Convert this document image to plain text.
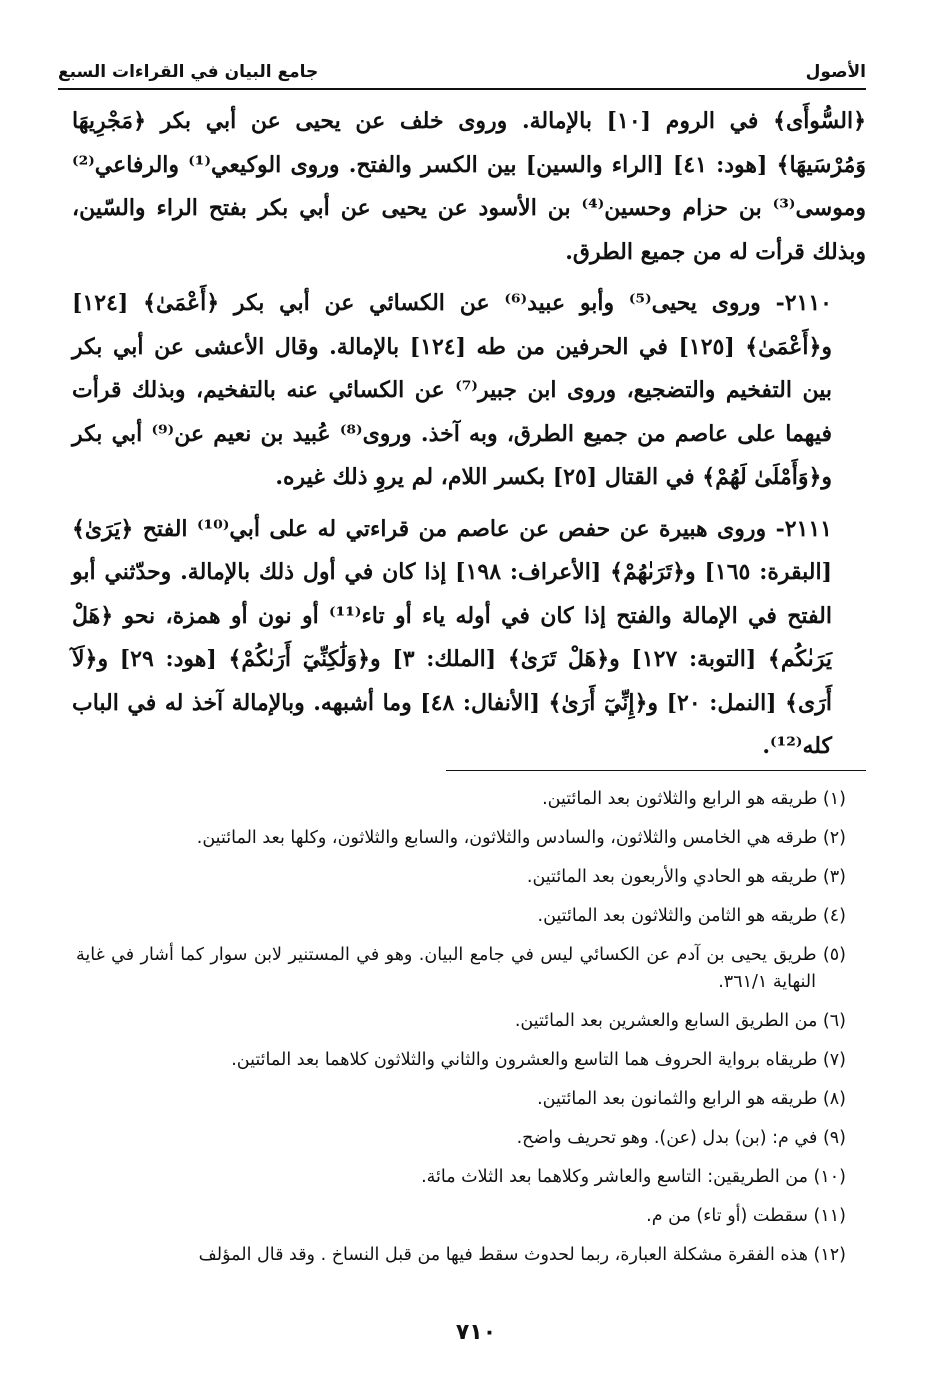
الأصول
جامع البيان في القراءات السبع

﴿السُّوأَى﴾ في الروم [١٠] بالإمالة. وروى خلف عن يحيى عن أبي بكر ﴿مَجْرِيهَا وَمُرْسَيهَا﴾ [هود: ٤١] [الراء والسين] بين الكسر والفتح. وروى الوكيعي⁽¹⁾ والرفاعي⁽²⁾ وموسى⁽³⁾ بن حزام وحسين⁽⁴⁾ بن الأسود عن يحيى عن أبي بكر بفتح الراء والسّين، وبذلك قرأت له من جميع الطرق.

٢١١٠- وروى يحيى⁽⁵⁾ وأبو عبيد⁽⁶⁾ عن الكسائي عن أبي بكر ﴿أَعْمَىٰ﴾ [١٢٤] و﴿أَعْمَىٰ﴾ [١٢٥] في الحرفين من طه [١٢٤] بالإمالة. وقال الأعشى عن أبي بكر بين التفخيم والتضجيع، وروى ابن جبير⁽⁷⁾ عن الكسائي عنه بالتفخيم، وبذلك قرأت فيهما على عاصم من جميع الطرق، وبه آخذ. وروى⁽⁸⁾ عُبيد بن نعيم عن⁽⁹⁾ أبي بكر و﴿وَأَمْلَىٰ لَهُمْ﴾ في القتال [٢٥] بكسر اللام، لم يروِ ذلك غيره.

٢١١١- وروى هبيرة عن حفص عن عاصم من قراءتي له على أبي⁽¹⁰⁾ الفتح ﴿يَرَىٰ﴾ [البقرة: ١٦٥] و﴿تَرَىٰهُمْ﴾ [الأعراف: ١٩٨] إذا كان في أول ذلك بالإمالة. وحدّثني أبو الفتح في الإمالة والفتح إذا كان في أوله ياء أو تاء⁽¹¹⁾ أو نون أو همزة، نحو ﴿هَلْ يَرَىٰكُم﴾ [التوبة: ١٢٧] و﴿هَلْ تَرَىٰ﴾ [الملك: ٣] و﴿وَلَٰكِنِّيٓ أَرَىٰكُمْ﴾ [هود: ٢٩] و﴿لَآ أَرَى﴾ [النمل: ٢٠] و﴿إِنِّيٓ أَرَىٰ﴾ [الأنفال: ٤٨] وما أشبهه. وبالإمالة آخذ له في الباب كله⁽¹²⁾.

(١) طريقه هو الرابع والثلاثون بعد المائتين.

(٢) طرقه هي الخامس والثلاثون، والسادس والثلاثون، والسابع والثلاثون، وكلها بعد المائتين.

(٣) طريقه هو الحادي والأربعون بعد المائتين.

(٤) طريقه هو الثامن والثلاثون بعد المائتين.

(٥) طريق يحيى بن آدم عن الكسائي ليس في جامع البيان. وهو في المستنير لابن سوار كما أشار في غاية النهاية ٣٦١/١.

(٦) من الطريق السابع والعشرين بعد المائتين.

(٧) طريقاه برواية الحروف هما التاسع والعشرون والثاني والثلاثون كلاهما بعد المائتين.

(٨) طريقه هو الرابع والثمانون بعد المائتين.

(٩) في م: (بن) بدل (عن). وهو تحريف واضح.

(١٠) من الطريقين: التاسع والعاشر وكلاهما بعد الثلاث مائة.

(١١) سقطت (أو تاء) من م.

(١٢) هذه الفقرة مشكلة العبارة، ربما لحدوث سقط فيها من قبل النساخ . وقد قال المؤلف

٧١٠
